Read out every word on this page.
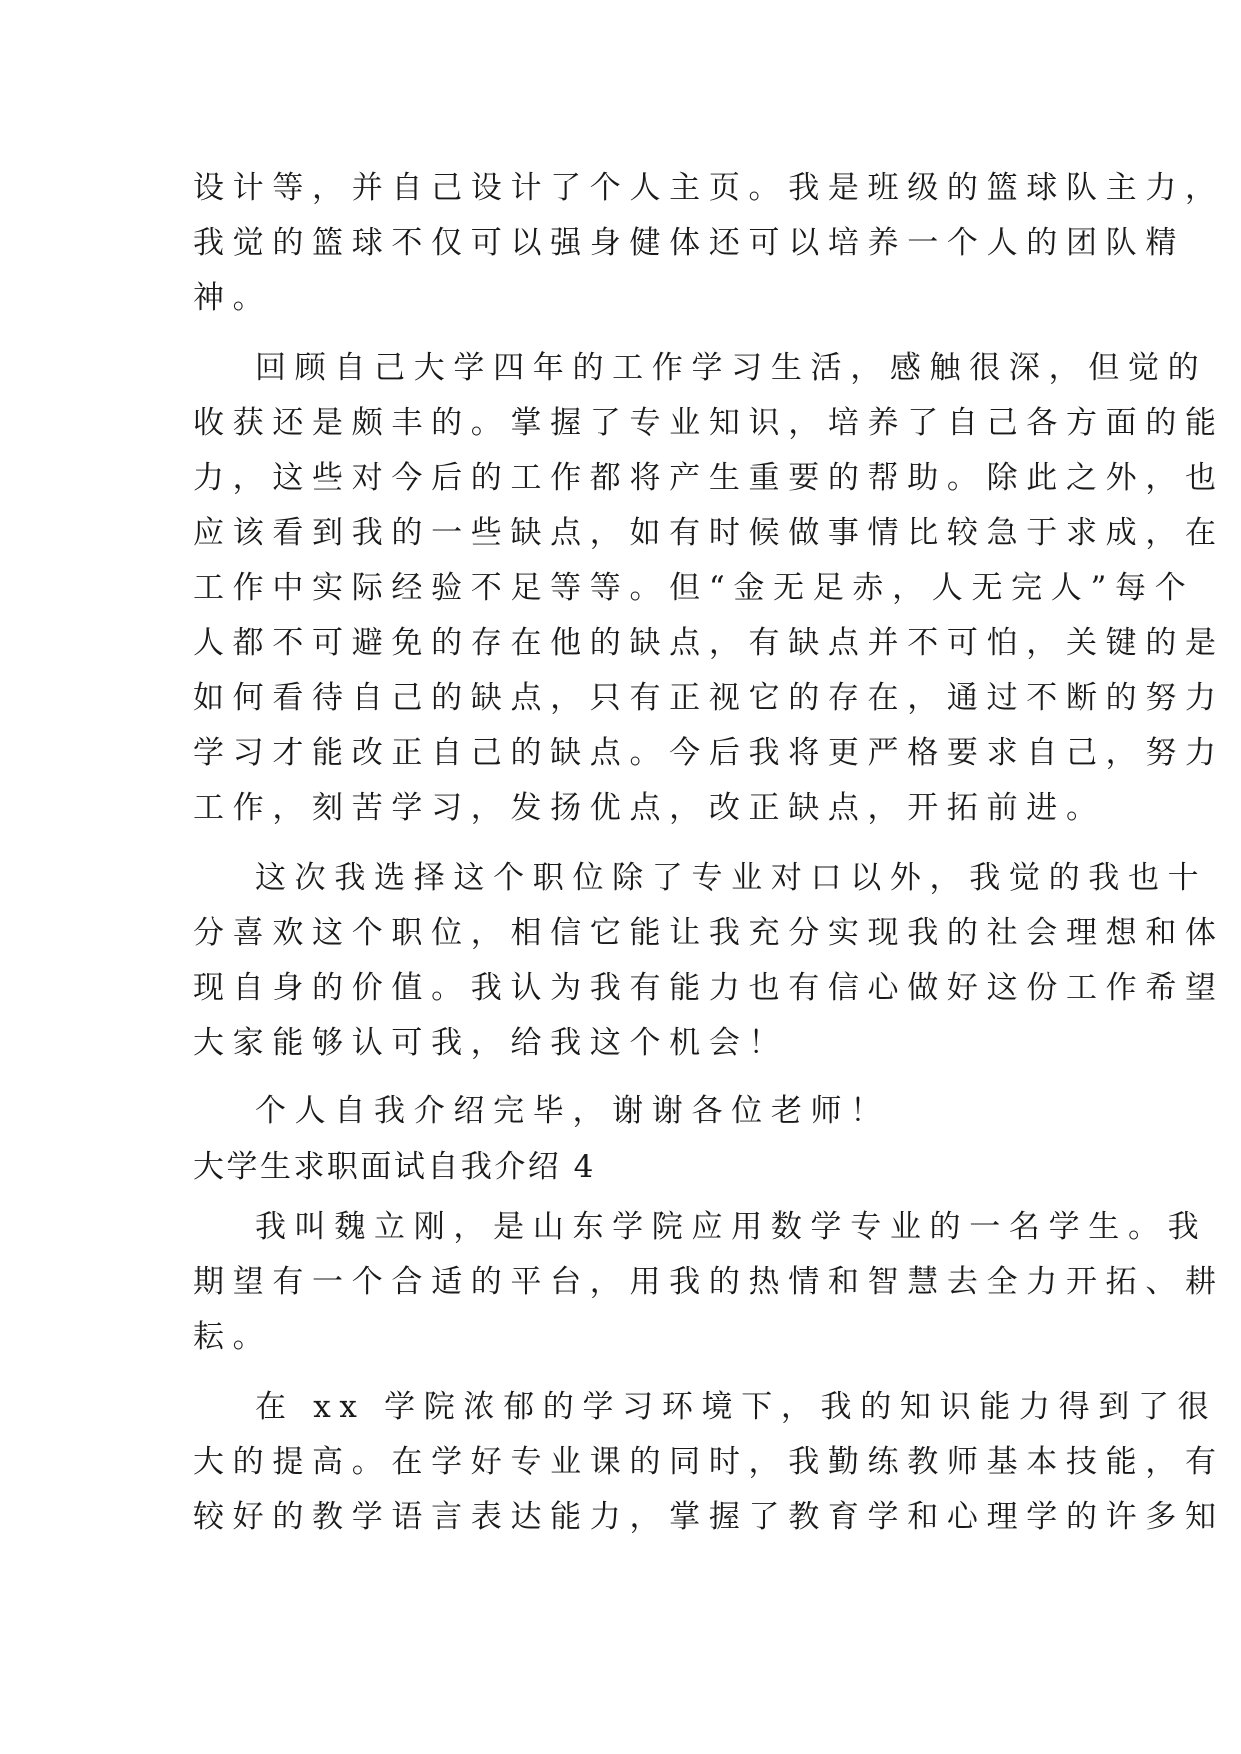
设计等，并自己设计了个人主页。我是班级的篮球队主力，
我觉的篮球不仅可以强身健体还可以培养一个人的团队精
神。
回顾自己大学四年的工作学习生活，感触很深，但觉的
收获还是颇丰的。掌握了专业知识，培养了自己各方面的能
力，这些对今后的工作都将产生重要的帮助。除此之外，也
应该看到我的一些缺点，如有时候做事情比较急于求成，在
工作中实际经验不足等等。但“金无足赤，人无完人”每个
人都不可避免的存在他的缺点，有缺点并不可怕，关键的是
如何看待自己的缺点，只有正视它的存在，通过不断的努力
学习才能改正自己的缺点。今后我将更严格要求自己，努力
工作，刻苦学习，发扬优点，改正缺点，开拓前进。
这次我选择这个职位除了专业对口以外，我觉的我也十
分喜欢这个职位，相信它能让我充分实现我的社会理想和体
现自身的价值。我认为我有能力也有信心做好这份工作希望
大家能够认可我，给我这个机会！
个人自我介绍完毕，谢谢各位老师！
大学生求职面试自我介绍 4
我叫魏立刚，是山东学院应用数学专业的一名学生。我
期望有一个合适的平台，用我的热情和智慧去全力开拓、耕
耘。
在 xx 学院浓郁的学习环境下，我的知识能力得到了很
大的提高。在学好专业课的同时，我勤练教师基本技能，有
较好的教学语言表达能力，掌握了教育学和心理学的许多知
